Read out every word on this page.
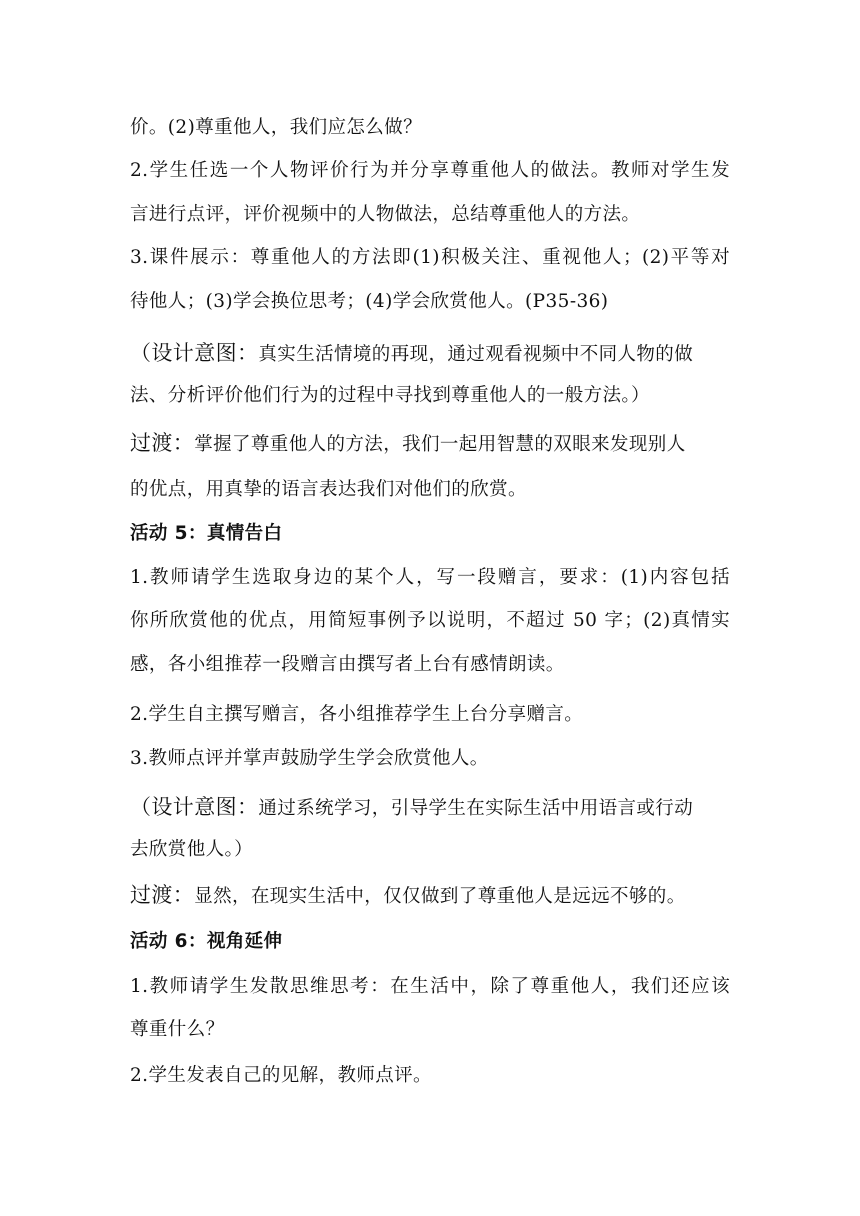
价。(2)尊重他人，我们应怎么做？
2.学生任选一个人物评价行为并分享尊重他人的做法。教师对学生发
言进行点评，评价视频中的人物做法，总结尊重他人的方法。
3.课件展示：尊重他人的方法即(1)积极关注、重视他人；(2)平等对
待他人；(3)学会换位思考；(4)学会欣赏他人。(P35-36)
（设计意图：真实生活情境的再现，通过观看视频中不同人物的做
法、分析评价他们行为的过程中寻找到尊重他人的一般方法。）
过渡：掌握了尊重他人的方法，我们一起用智慧的双眼来发现别人
的优点，用真挚的语言表达我们对他们的欣赏。
活动 5：真情告白
1.教师请学生选取身边的某个人，写一段赠言，要求：(1)内容包括
你所欣赏他的优点，用简短事例予以说明，不超过 50 字；(2)真情实
感，各小组推荐一段赠言由撰写者上台有感情朗读。
2.学生自主撰写赠言，各小组推荐学生上台分享赠言。
3.教师点评并掌声鼓励学生学会欣赏他人。
（设计意图：通过系统学习，引导学生在实际生活中用语言或行动
去欣赏他人。）
过渡：显然，在现实生活中，仅仅做到了尊重他人是远远不够的。
活动 6：视角延伸
1.教师请学生发散思维思考：在生活中，除了尊重他人，我们还应该
尊重什么？
2.学生发表自己的见解，教师点评。
